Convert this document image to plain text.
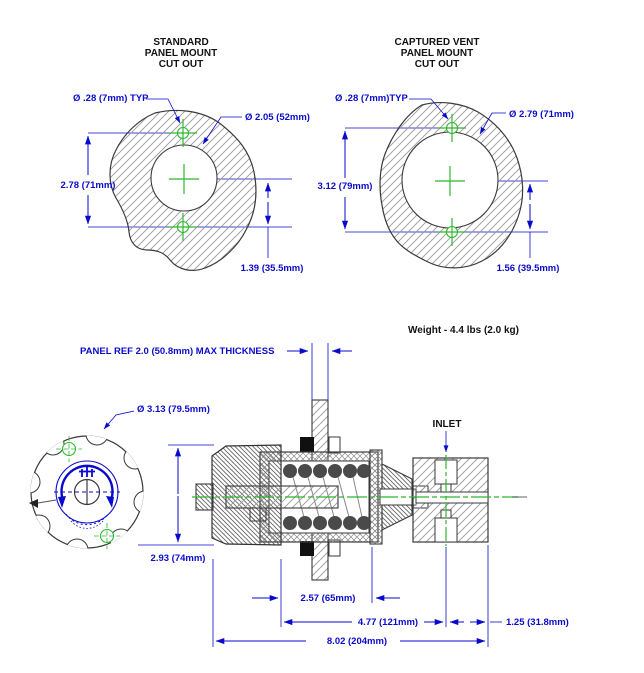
STANDARD
PANEL MOUNT
CUT OUT
2.78 (71mm)
1.39 (35.5mm)
Ø .28 (7mm) TYP
Ø 2.05 (52mm)
CAPTURED VENT
PANEL MOUNT
CUT OUT
3.12 (79mm)
1.56 (39.5mm)
Ø .28 (7mm)TYP
Ø 2.79 (71mm)
Weight - 4.4 lbs (2.0 kg)
PANEL REF 2.0 (50.8mm) MAX THICKNESS
Ø 3.13 (79.5mm)
INLET
2.93 (74mm)
2.57 (65mm)
4.77 (121mm)	1.25 (31.8mm)
8.02 (204mm)
